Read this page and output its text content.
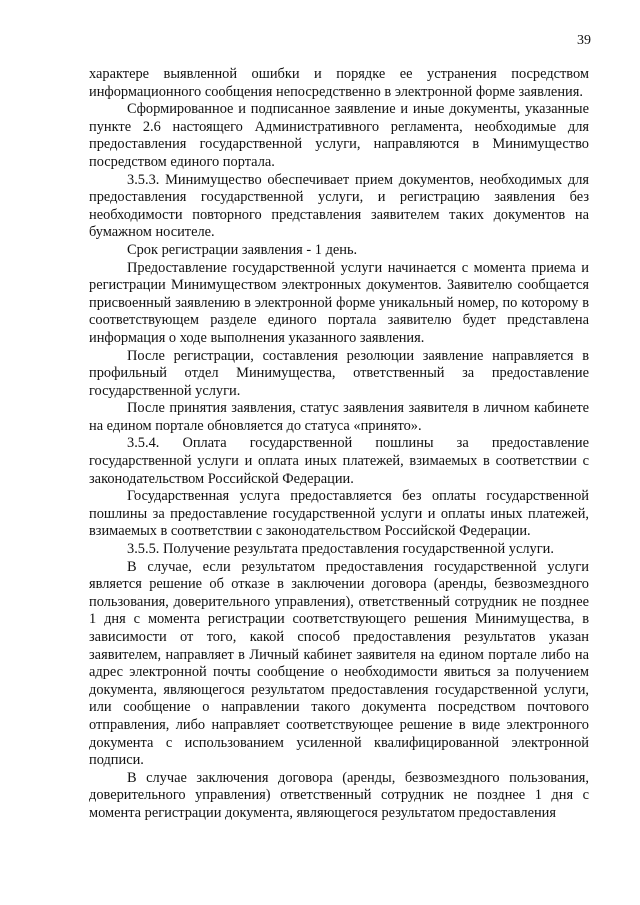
39

характере выявленной ошибки и порядке ее устранения посредством информационного сообщения непосредственно в электронной форме заявления.

Сформированное и подписанное заявление и иные документы, указанные пункте 2.6 настоящего Административного регламента, необходимые для предоставления государственной услуги, направляются в Минимущество посредством единого портала.

3.5.3. Минимущество обеспечивает прием документов, необходимых для предоставления государственной услуги, и регистрацию заявления без необходимости повторного представления заявителем таких документов на бумажном носителе.

Срок регистрации заявления - 1 день.

Предоставление государственной услуги начинается с момента приема и регистрации Минимуществом электронных документов. Заявителю сообщается присвоенный заявлению в электронной форме уникальный номер, по которому в соответствующем разделе единого портала заявителю будет представлена информация о ходе выполнения указанного заявления.

После регистрации, составления резолюции заявление направляется в профильный отдел Минимущества, ответственный за предоставление государственной услуги.

После принятия заявления, статус заявления заявителя в личном кабинете на едином портале обновляется до статуса «принято».

3.5.4. Оплата государственной пошлины за предоставление государственной услуги и оплата иных платежей, взимаемых в соответствии с законодательством Российской Федерации.

Государственная услуга предоставляется без оплаты государственной пошлины за предоставление государственной услуги и оплаты иных платежей, взимаемых в соответствии с законодательством Российской Федерации.

3.5.5. Получение результата предоставления государственной услуги.

В случае, если результатом предоставления государственной услуги является решение об отказе в заключении договора (аренды, безвозмездного пользования, доверительного управления), ответственный сотрудник не позднее 1 дня с момента регистрации соответствующего решения Минимущества, в зависимости от того, какой способ предоставления результатов указан заявителем, направляет в Личный кабинет заявителя на едином портале либо на адрес электронной почты сообщение о необходимости явиться за получением документа, являющегося результатом предоставления государственной услуги, или сообщение о направлении такого документа посредством почтового отправления, либо направляет соответствующее решение в виде электронного документа с использованием усиленной квалифицированной электронной подписи.

В случае заключения договора (аренды, безвозмездного пользования, доверительного управления) ответственный сотрудник не позднее 1 дня с момента регистрации документа, являющегося результатом предоставления
